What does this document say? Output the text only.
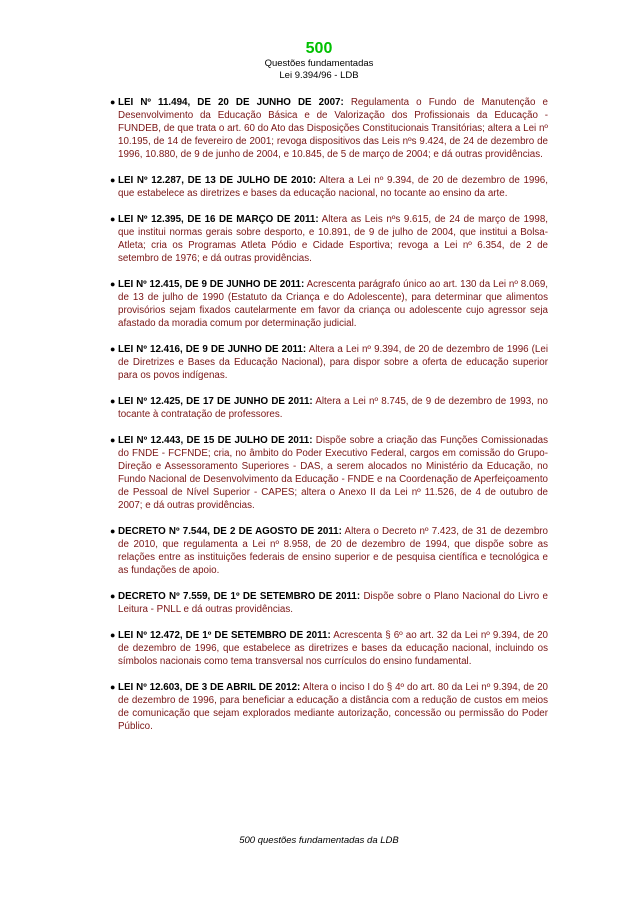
500
Questões fundamentadas
Lei 9.394/96 - LDB
● LEI Nº 11.494, DE 20 DE JUNHO DE 2007: Regulamenta o Fundo de Manutenção e Desenvolvimento da Educação Básica e de Valorização dos Profissionais da Educação - FUNDEB, de que trata o art. 60 do Ato das Disposições Constitucionais Transitórias; altera a Lei nº 10.195, de 14 de fevereiro de 2001; revoga dispositivos das Leis nºs 9.424, de 24 de dezembro de 1996, 10.880, de 9 de junho de 2004, e 10.845, de 5 de março de 2004; e dá outras providências.
● LEI Nº 12.287, DE 13 DE JULHO DE 2010: Altera a Lei nº 9.394, de 20 de dezembro de 1996, que estabelece as diretrizes e bases da educação nacional, no tocante ao ensino da arte.
● LEI Nº 12.395, DE 16 DE MARÇO DE 2011: Altera as Leis nºs 9.615, de 24 de março de 1998, que institui normas gerais sobre desporto, e 10.891, de 9 de julho de 2004, que institui a Bolsa-Atleta; cria os Programas Atleta Pódio e Cidade Esportiva; revoga a Lei nº 6.354, de 2 de setembro de 1976; e dá outras providências.
● LEI Nº 12.415, DE 9 DE JUNHO DE 2011: Acrescenta parágrafo único ao art. 130 da Lei nº 8.069, de 13 de julho de 1990 (Estatuto da Criança e do Adolescente), para determinar que alimentos provisórios sejam fixados cautelarmente em favor da criança ou adolescente cujo agressor seja afastado da moradia comum por determinação judicial.
● LEI Nº 12.416, DE 9 DE JUNHO DE 2011: Altera a Lei nº 9.394, de 20 de dezembro de 1996 (Lei de Diretrizes e Bases da Educação Nacional), para dispor sobre a oferta de educação superior para os povos indígenas.
● LEI Nº 12.425, DE 17 DE JUNHO DE 2011: Altera a Lei nº 8.745, de 9 de dezembro de 1993, no tocante à contratação de professores.
● LEI Nº 12.443, DE 15 DE JULHO DE 2011: Dispõe sobre a criação das Funções Comissionadas do FNDE - FCFNDE; cria, no âmbito do Poder Executivo Federal, cargos em comissão do Grupo-Direção e Assessoramento Superiores - DAS, a serem alocados no Ministério da Educação, no Fundo Nacional de Desenvolvimento da Educação - FNDE e na Coordenação de Aperfeiçoamento de Pessoal de Nível Superior - CAPES; altera o Anexo II da Lei nº 11.526, de 4 de outubro de 2007; e dá outras providências.
● DECRETO Nº 7.544, DE 2 DE AGOSTO DE 2011: Altera o Decreto nº 7.423, de 31 de dezembro de 2010, que regulamenta a Lei nº 8.958, de 20 de dezembro de 1994, que dispõe sobre as relações entre as instituições federais de ensino superior e de pesquisa científica e tecnológica e as fundações de apoio.
● DECRETO Nº 7.559, DE 1º DE SETEMBRO DE 2011: Dispõe sobre o Plano Nacional do Livro e Leitura - PNLL e dá outras providências.
● LEI Nº 12.472, DE 1º DE SETEMBRO DE 2011: Acrescenta § 6º ao art. 32 da Lei nº 9.394, de 20 de dezembro de 1996, que estabelece as diretrizes e bases da educação nacional, incluindo os símbolos nacionais como tema transversal nos currículos do ensino fundamental.
● LEI Nº 12.603, DE 3 DE ABRIL DE 2012: Altera o inciso I do § 4º do art. 80 da Lei nº 9.394, de 20 de dezembro de 1996, para beneficiar a educação a distância com a redução de custos em meios de comunicação que sejam explorados mediante autorização, concessão ou permissão do Poder Público.
500 questões fundamentadas da LDB
